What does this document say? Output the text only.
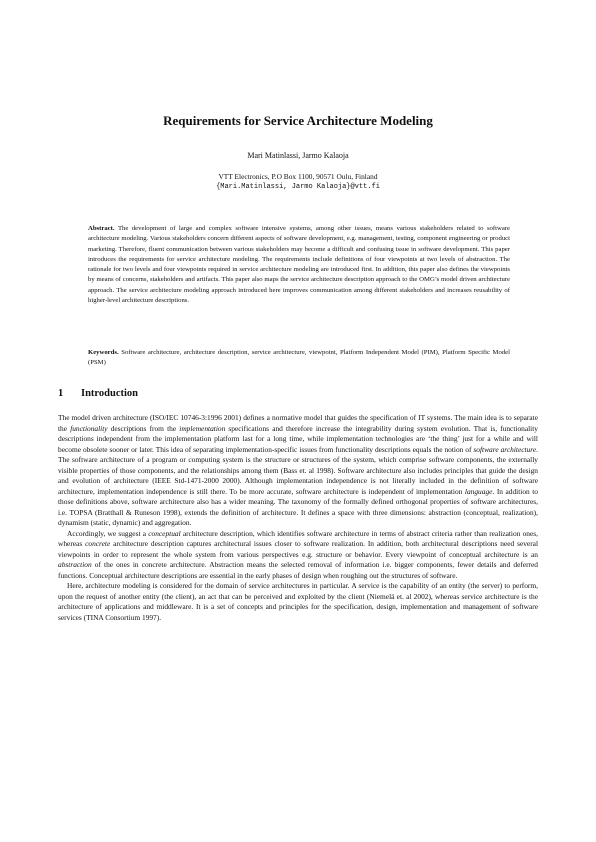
Requirements for Service Architecture Modeling
Mari Matinlassi, Jarmo Kalaoja
VTT Electronics, P.O Box 1100, 90571 Oulu, Finland
{Mari.Matinlassi, Jarmo Kalaoja}@vtt.fi
Abstract. The development of large and complex software intensive systems, among other issues, means various stakeholders related to software architecture modeling. Various stakeholders concern different aspects of software development, e.g. management, testing, component engineering or product marketing. Therefore, fluent communication between various stakeholders may become a difficult and confusing issue in software development. This paper introduces the requirements for service architecture modeling. The requirements include definitions of four viewpoints at two levels of abstraction. The rationale for two levels and four viewpoints required in service architecture modeling are introduced first. In addition, this paper also defines the viewpoints by means of concerns, stakeholders and artifacts. This paper also maps the service architecture description approach to the OMG’s model driven architecture approach. The service architecture modeling approach introduced here improves communication among different stakeholders and increases reusability of higher-level architecture descriptions.
Keywords. Software architecture, architecture description, service architecture, viewpoint, Platform Independent Model (PIM), Platform Specific Model (PSM)
1 Introduction

The model driven architecture (ISO/IEC 10746-3:1996 2001) defines a normative model that guides the specification of IT systems. The main idea is to separate the functionality descriptions from the implementation specifications and therefore increase the integrability during system evolution. That is, functionality descriptions independent from the implementation platform last for a long time, while implementation technologies are ‘the thing’ just for a while and will become obsolete sooner or later. This idea of separating implementation-specific issues from functionality descriptions equals the notion of software architecture. The software architecture of a program or computing system is the structure or structures of the system, which comprise software components, the externally visible properties of those components, and the relationships among them (Bass et. al 1998). Software architecture also includes principles that guide the design and evolution of architecture (IEEE Std-1471-2000 2000). Although implementation independence is not literally included in the definition of software architecture, implementation independence is still there. To be more accurate, software architecture is independent of implementation language. In addition to those definitions above, software architecture also has a wider meaning. The taxonomy of the formally defined orthogonal properties of software architectures, i.e. TOPSA (Bratthall & Runeson 1998), extends the definition of architecture. It defines a space with three dimensions: abstraction (conceptual, realization), dynamism (static, dynamic) and aggregation.

Accordingly, we suggest a conceptual architecture description, which identifies software architecture in terms of abstract criteria rather than realization ones, whereas concrete architecture description captures architectural issues closer to software realization. In addition, both architectural descriptions need several viewpoints in order to represent the whole system from various perspectives e.g. structure or behavior. Every viewpoint of conceptual architecture is an abstraction of the ones in concrete architecture. Abstraction means the selected removal of information i.e. bigger components, fewer details and deferred functions. Conceptual architecture descriptions are essential in the early phases of design when roughing out the structures of software.

Here, architecture modeling is considered for the domain of service architectures in particular. A service is the capability of an entity (the server) to perform, upon the request of another entity (the client), an act that can be perceived and exploited by the client (Niemelä et. al 2002), whereas service architecture is the architecture of applications and middleware. It is a set of concepts and principles for the specification, design, implementation and management of software services (TINA Consortium 1997).
